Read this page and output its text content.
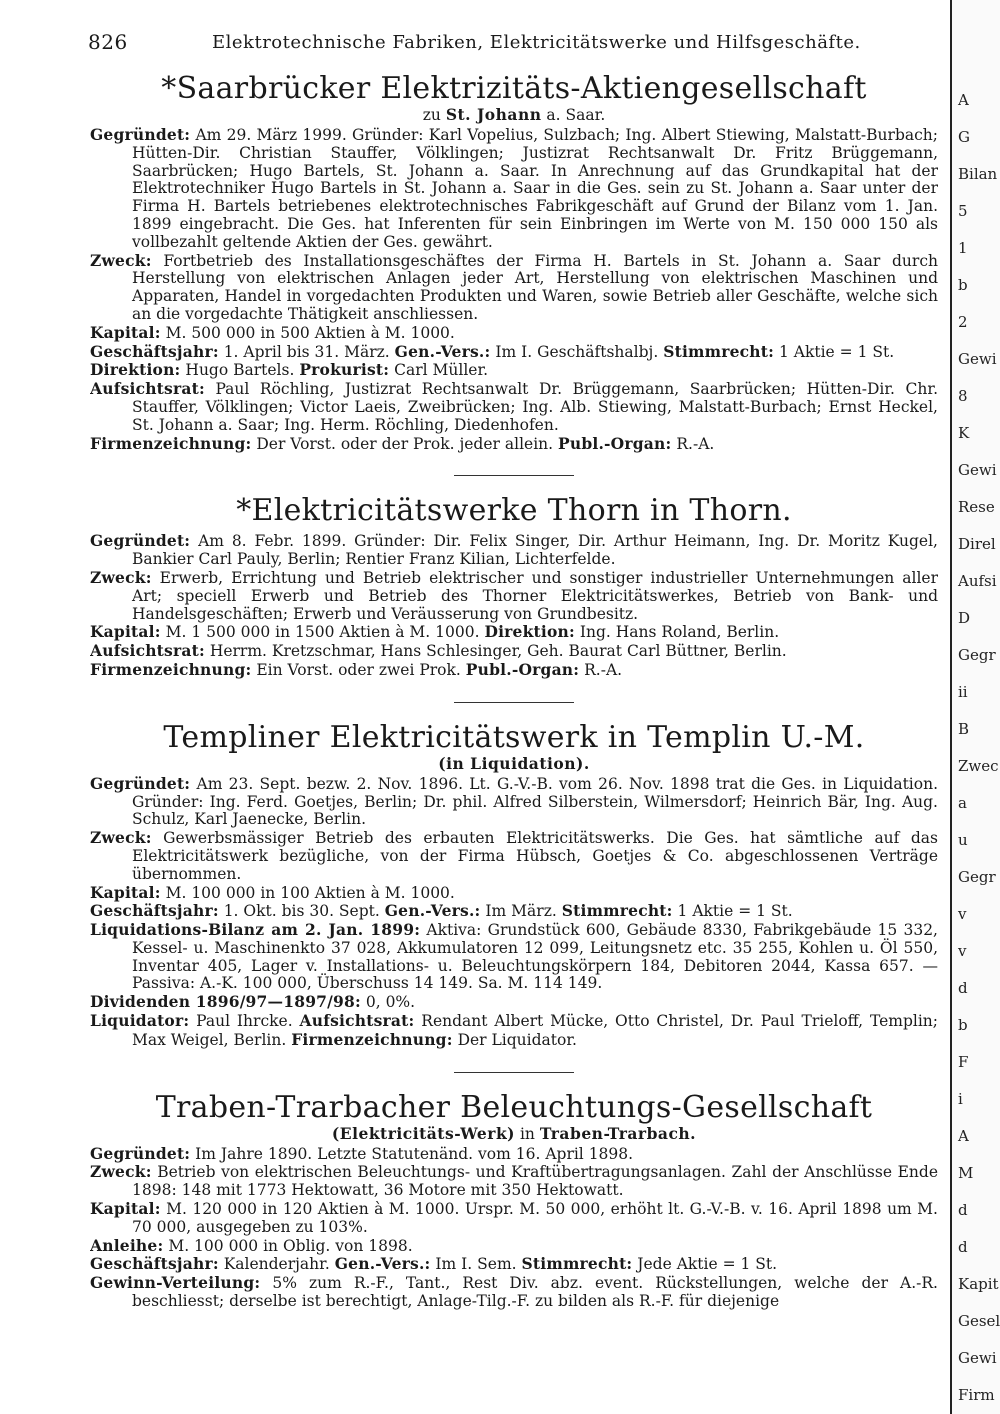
826	Elektrotechnische Fabriken, Elektricitätswerke und Hilfsgeschäfte.
*Saarbrücker Elektrizitäts-Aktiengesellschaft
zu St. Johann a. Saar.

Gegründet: Am 29. März 1999. Gründer: Karl Vopelius, Sulzbach; Ing. Albert Stiewing, Malstatt-Burbach; Hütten-Dir. Christian Stauffer, Völklingen; Justizrat Rechtsanwalt Dr. Fritz Brüggemann, Saarbrücken; Hugo Bartels, St. Johann a. Saar. In Anrechnung auf das Grundkapital hat der Elektrotechniker Hugo Bartels in St. Johann a. Saar in die Ges. sein zu St. Johann a. Saar unter der Firma H. Bartels betriebenes elektrotechnisches Fabrikgeschäft auf Grund der Bilanz vom 1. Jan. 1899 eingebracht. Die Ges. hat Inferenten für sein Einbringen im Werte von M. 150 000 150 als vollbezahlt geltende Aktien der Ges. gewährt.

Zweck: Fortbetrieb des Installationsgeschäftes der Firma H. Bartels in St. Johann a. Saar durch Herstellung von elektrischen Anlagen jeder Art, Herstellung von elektrischen Maschinen und Apparaten, Handel in vorgedachten Produkten und Waren, sowie Betrieb aller Geschäfte, welche sich an die vorgedachte Thätigkeit anschliessen.

Kapital: M. 500 000 in 500 Aktien à M. 1000.

Geschäftsjahr: 1. April bis 31. März. Gen.-Vers.: Im I. Geschäftshalbj. Stimmrecht: 1 Aktie = 1 St.

Direktion: Hugo Bartels. Prokurist: Carl Müller.

Aufsichtsrat: Paul Röchling, Justizrat Rechtsanwalt Dr. Brüggemann, Saarbrücken; Hütten-Dir. Chr. Stauffer, Völklingen; Victor Laeis, Zweibrücken; Ing. Alb. Stiewing, Malstatt-Burbach; Ernst Heckel, St. Johann a. Saar; Ing. Herm. Röchling, Diedenhofen.

Firmenzeichnung: Der Vorst. oder der Prok. jeder allein. Publ.-Organ: R.-A.

*Elektricitätswerke Thorn in Thorn.

Gegründet: Am 8. Febr. 1899. Gründer: Dir. Felix Singer, Dir. Arthur Heimann, Ing. Dr. Moritz Kugel, Bankier Carl Pauly, Berlin; Rentier Franz Kilian, Lichterfelde.

Zweck: Erwerb, Errichtung und Betrieb elektrischer und sonstiger industrieller Unternehmungen aller Art; speciell Erwerb und Betrieb des Thorner Elektricitätswerkes, Betrieb von Bank- und Handelsgeschäften; Erwerb und Veräusserung von Grundbesitz.

Kapital: M. 1 500 000 in 1500 Aktien à M. 1000. Direktion: Ing. Hans Roland, Berlin.

Aufsichtsrat: Herrm. Kretzschmar, Hans Schlesinger, Geh. Baurat Carl Büttner, Berlin.

Firmenzeichnung: Ein Vorst. oder zwei Prok. Publ.-Organ: R.-A.

Templiner Elektricitätswerk in Templin U.-M.
(in Liquidation).

Gegründet: Am 23. Sept. bezw. 2. Nov. 1896. Lt. G.-V.-B. vom 26. Nov. 1898 trat die Ges. in Liquidation. Gründer: Ing. Ferd. Goetjes, Berlin; Dr. phil. Alfred Silberstein, Wilmersdorf; Heinrich Bär, Ing. Aug. Schulz, Karl Jaenecke, Berlin.

Zweck: Gewerbsmässiger Betrieb des erbauten Elektricitätswerks. Die Ges. hat sämtliche auf das Elektricitätswerk bezügliche, von der Firma Hübsch, Goetjes & Co. abgeschlossenen Verträge übernommen.

Kapital: M. 100 000 in 100 Aktien à M. 1000.

Geschäftsjahr: 1. Okt. bis 30. Sept. Gen.-Vers.: Im März. Stimmrecht: 1 Aktie = 1 St.

Liquidations-Bilanz am 2. Jan. 1899: Aktiva: Grundstück 600, Gebäude 8330, Fabrikgebäude 15 332, Kessel- u. Maschinenkto 37 028, Akkumulatoren 12 099, Leitungsnetz etc. 35 255, Kohlen u. Öl 550, Inventar 405, Lager v. Installations- u. Beleuchtungskörpern 184, Debitoren 2044, Kassa 657. — Passiva: A.-K. 100 000, Überschuss 14 149. Sa. M. 114 149.

Dividenden 1896/97—1897/98: 0, 0%.

Liquidator: Paul Ihrcke. Aufsichtsrat: Rendant Albert Mücke, Otto Christel, Dr. Paul Trieloff, Templin; Max Weigel, Berlin. Firmenzeichnung: Der Liquidator.

Traben-Trarbacher Beleuchtungs-Gesellschaft
(Elektricitäts-Werk) in Traben-Trarbach.

Gegründet: Im Jahre 1890. Letzte Statutenänd. vom 16. April 1898.

Zweck: Betrieb von elektrischen Beleuchtungs- und Kraftübertragungsanlagen. Zahl der Anschlüsse Ende 1898: 148 mit 1773 Hektowatt, 36 Motore mit 350 Hektowatt.

Kapital: M. 120 000 in 120 Aktien à M. 1000. Urspr. M. 50 000, erhöht lt. G.-V.-B. v. 16. April 1898 um M. 70 000, ausgegeben zu 103%.

Anleihe: M. 100 000 in Oblig. von 1898.

Geschäftsjahr: Kalenderjahr. Gen.-Vers.: Im I. Sem. Stimmrecht: Jede Aktie = 1 St.

Gewinn-Verteilung: 5% zum R.-F., Tant., Rest Div. abz. event. Rückstellungen, welche der A.-R. beschliesst; derselbe ist berechtigt, Anlage-Tilg.-F. zu bilden als R.-F. für diejenige

A
G
Bilan
5
1
b
2
Gewi
8
K
Gewi
Rese
Direl
Aufsi
D
Gegr
ii
B
Zwec
a
u
Gegr
v
v
d
b
F
i
A
M
d
d
Kapit
Gesel
Gewi
Firm
